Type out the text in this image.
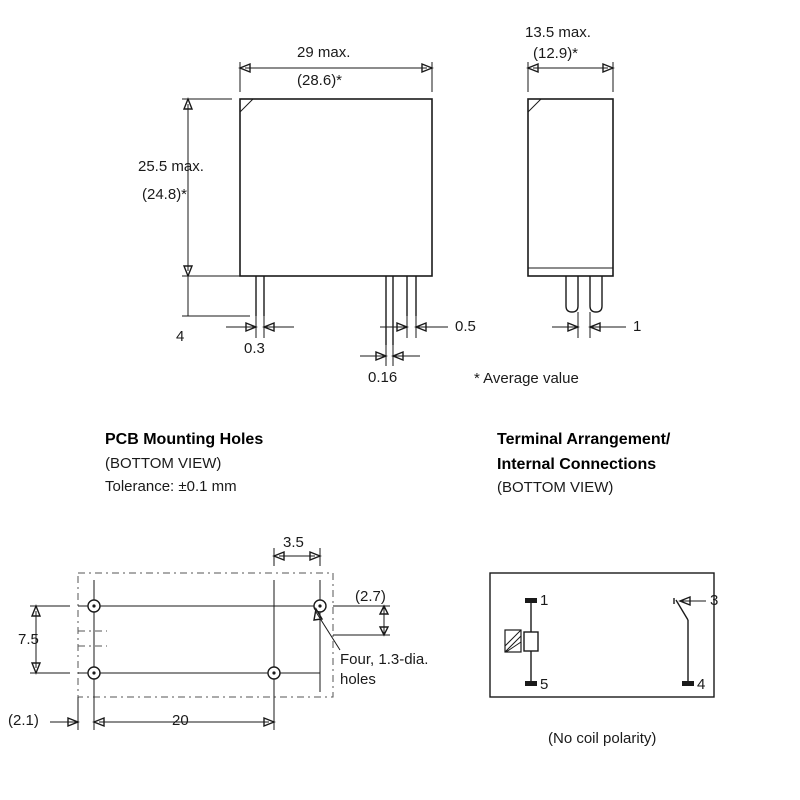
29 max.
(28.6)*
25.5 max.
(24.8)*
4
0.3
0.5
0.16
13.5 max.
(12.9)*
1
* Average value
PCB Mounting Holes
(BOTTOM VIEW)
Tolerance: ±0.1 mm
3.5
(2.7)
7.5
(2.1)	20
Four, 1.3-dia.
holes
Terminal Arrangement/
Internal Connections
(BOTTOM VIEW)
1
5
3
4
(No coil polarity)
